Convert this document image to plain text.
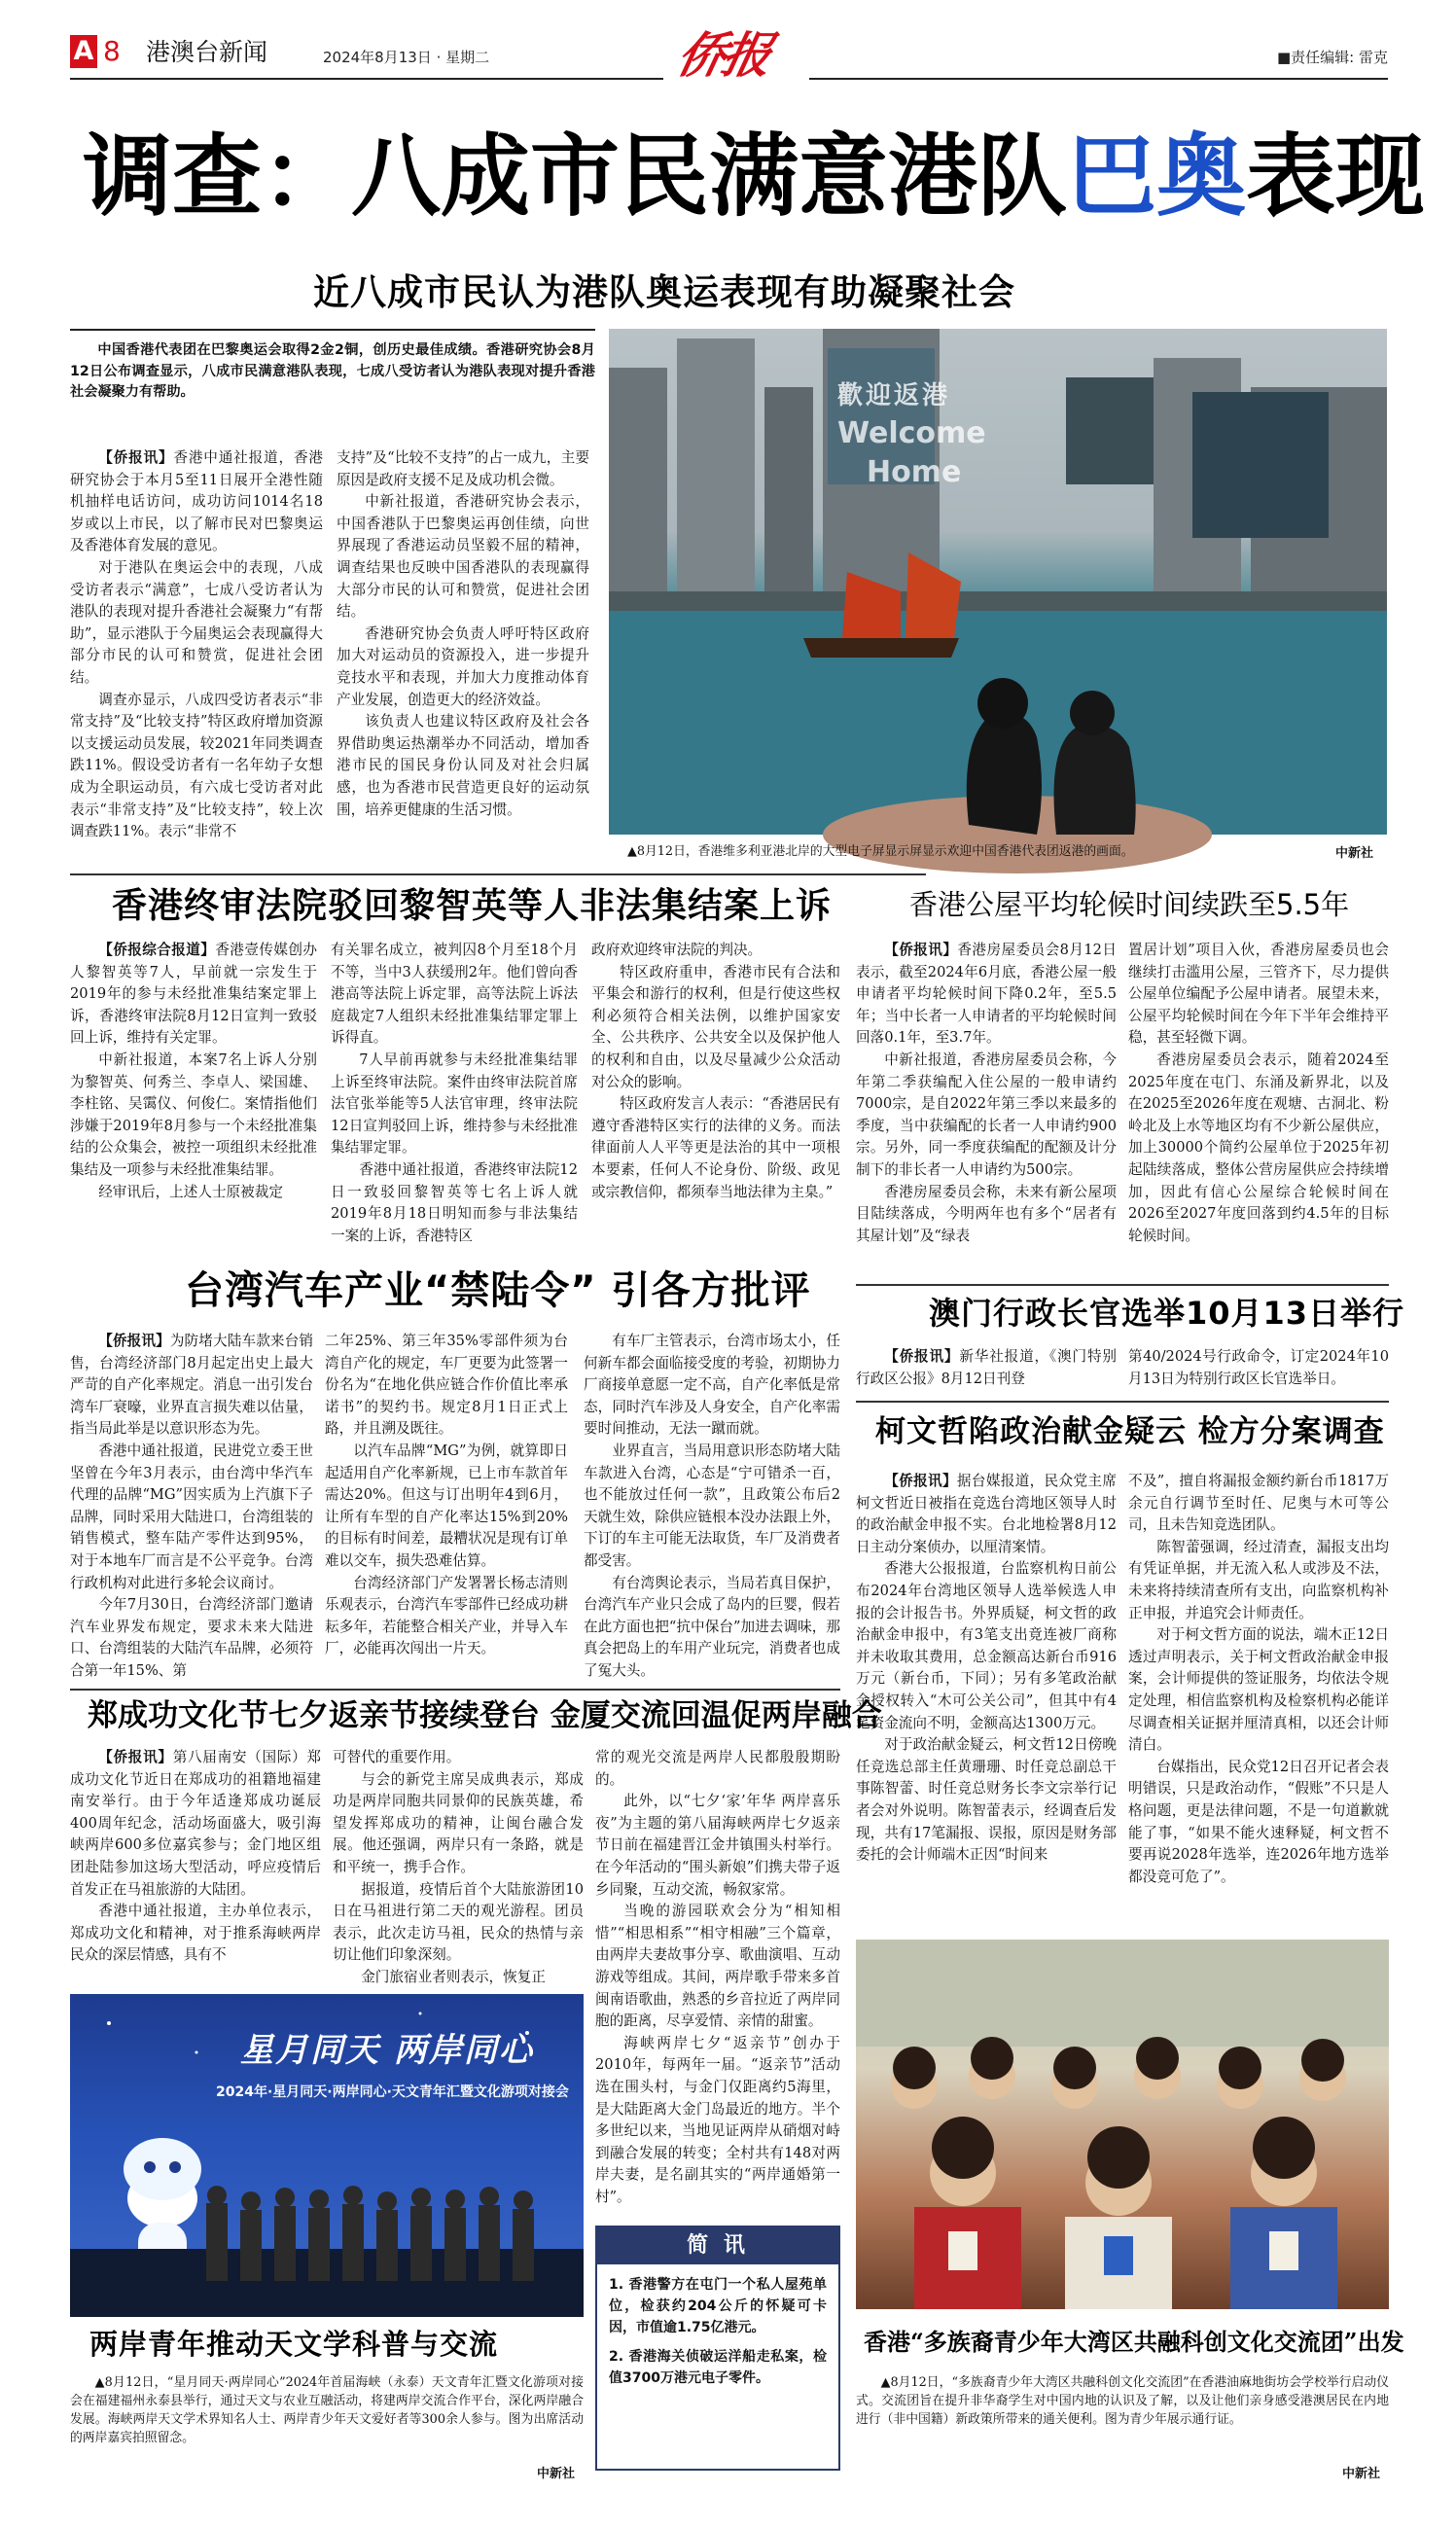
A 8 港澳台新闻	2024年8月13日 · 星期二	侨报	■责任编辑: 雷克
调查：八成市民满意港队巴奥表现
近八成市民认为港队奥运表现有助凝聚社会

中国香港代表团在巴黎奥运会取得2金2铜，创历史最佳成绩。香港研究协会8月12日公布调查显示，八成市民满意港队表现，七成八受访者认为港队表现对提升香港社会凝聚力有帮助。

【侨报讯】香港中通社报道，香港研究协会于本月5至11日展开全港性随机抽样电话访问，成功访问1014名18岁或以上市民，以了解市民对巴黎奥运及香港体育发展的意见。

对于港队在奥运会中的表现，八成受访者表示“满意”，七成八受访者认为港队的表现对提升香港社会凝聚力“有帮助”，显示港队于今届奥运会表现赢得大部分市民的认可和赞赏，促进社会团结。

调查亦显示，八成四受访者表示“非常支持”及“比较支持”特区政府增加资源以支援运动员发展，较2021年同类调查跌11%。假设受访者有一名年幼子女想成为全职运动员，有六成七受访者对此表示“非常支持”及“比较支持”，较上次调查跌11%。表示“非常不

支持”及“比较不支持”的占一成九，主要原因是政府支援不足及成功机会微。

中新社报道，香港研究协会表示，中国香港队于巴黎奥运再创佳绩，向世界展现了香港运动员坚毅不屈的精神，调查结果也反映中国香港队的表现赢得大部分市民的认可和赞赏，促进社会团结。

香港研究协会负责人呼吁特区政府加大对运动员的资源投入，进一步提升竞技水平和表现，并加大力度推动体育产业发展，创造更大的经济效益。

该负责人也建议特区政府及社会各界借助奥运热潮举办不同活动，增加香港市民的国民身份认同及对社会归属感，也为香港市民营造更良好的运动氛围，培养更健康的生活习惯。

歡迎返港
Welcome
Home
▲8月12日，香港维多利亚港北岸的大型电子屏显示屏显示欢迎中国香港代表团返港的画面。	中新社
香港终审法院驳回黎智英等人非法集结案上诉

【侨报综合报道】香港壹传媒创办人黎智英等7人，早前就一宗发生于2019年的参与未经批准集结案定罪上诉，香港终审法院8月12日宣判一致驳回上诉，维持有关定罪。

中新社报道，本案7名上诉人分别为黎智英、何秀兰、李卓人、梁国雄、李柱铭、吴霭仪、何俊仁。案情指他们涉嫌于2019年8月参与一个未经批准集结的公众集会，被控一项组织未经批准集结及一项参与未经批准集结罪。

经审讯后，上述人士原被裁定

有关罪名成立，被判囚8个月至18个月不等，当中3人获缓刑2年。他们曾向香港高等法院上诉定罪，高等法院上诉法庭裁定7人组织未经批准集结罪定罪上诉得直。

7人早前再就参与未经批准集结罪上诉至终审法院。案件由终审法院首席法官张举能等5人法官审理，终审法院12日宣判驳回上诉，维持参与未经批准集结罪定罪。

香港中通社报道，香港终审法院12日一致驳回黎智英等七名上诉人就2019年8月18日明知而参与非法集结一案的上诉，香港特区

政府欢迎终审法院的判决。

特区政府重申，香港市民有合法和平集会和游行的权利，但是行使这些权利必须符合相关法例，以维护国家安全、公共秩序、公共安全以及保护他人的权利和自由，以及尽量减少公众活动对公众的影响。

特区政府发言人表示：“香港居民有遵守香港特区实行的法律的义务。而法律面前人人平等更是法治的其中一项根本要素，任何人不论身份、阶级、政见或宗教信仰，都须奉当地法律为主臬。”

香港公屋平均轮候时间续跌至5.5年

【侨报讯】香港房屋委员会8月12日表示，截至2024年6月底，香港公屋一般申请者平均轮候时间下降0.2年，至5.5年；当中长者一人申请者的平均轮候时间回落0.1年，至3.7年。

中新社报道，香港房屋委员会称，今年第二季获编配入住公屋的一般申请约7000宗，是自2022年第三季以来最多的季度，当中获编配的长者一人申请约900宗。另外，同一季度获编配的配额及计分制下的非长者一人申请约为500宗。

香港房屋委员会称，未来有新公屋项目陆续落成，今明两年也有多个“居者有其屋计划”及“绿表

置居计划”项目入伙，香港房屋委员也会继续打击滥用公屋，三管齐下，尽力提供公屋单位编配予公屋申请者。展望未来，公屋平均轮候时间在今年下半年会维持平稳，甚至轻微下调。

香港房屋委员会表示，随着2024至2025年度在屯门、东涌及新界北，以及在2025至2026年度在观塘、古洞北、粉岭北及上水等地区均有不少新公屋供应，加上30000个简约公屋单位于2025年初起陆续落成，整体公营房屋供应会持续增加，因此有信心公屋综合轮候时间在2026至2027年度回落到约4.5年的目标轮候时间。

台湾汽车产业“禁陆令” 引各方批评

【侨报讯】为防堵大陆车款来台销售，台湾经济部门8月起定出史上最大严苛的自产化率规定。消息一出引发台湾车厂衰嚎，业界直言损失难以估量，指当局此举是以意识形态为先。

香港中通社报道，民进党立委王世坚曾在今年3月表示，由台湾中华汽车代理的品牌“MG”因实质为上汽旗下子品牌，同时采用大陆进口，台湾组装的销售模式，整车陆产零件达到95%，对于本地车厂而言是不公平竞争。台湾行政机构对此进行多轮会议商讨。

今年7月30日，台湾经济部门邀请汽车业界发布规定，要求未来大陆进口、台湾组装的大陆汽车品牌，必须符合第一年15%、第

二年25%、第三年35%零部件须为台湾自产化的规定，车厂更要为此签署一份名为“在地化供应链合作价值比率承诺书”的契约书。规定8月1日正式上路，并且溯及既往。

以汽车品牌“MG”为例，就算即日起适用自产化率新规，已上市车款首年需达20%。但这与订出明年4到6月，让所有车型的自产化率达15%到20%的目标有时间差，最糟状况是现有订单难以交车，损失恐难估算。

台湾经济部门产发署署长杨志清则乐观表示，台湾汽车零部件已经成功耕耘多年，若能整合相关产业，并导入车厂，必能再次闯出一片天。

有车厂主管表示，台湾市场太小，任何新车都会面临接受度的考验，初期协力厂商接单意愿一定不高，自产化率低是常态，同时汽车涉及人身安全，自产化率需要时间推动，无法一蹴而就。

业界直言，当局用意识形态防堵大陆车款进入台湾，心态是“宁可错杀一百，也不能放过任何一款”，且政策公布后2天就生效，除供应链根本没办法跟上外，下订的车主可能无法取货，车厂及消费者都受害。

有台湾舆论表示，当局若真目保护，台湾汽车产业只会成了岛内的巨婴，假若在此方面也把“抗中保台”加进去调味，那真会把岛上的车用产业玩完，消费者也成了冤大头。

澳门行政长官选举10月13日举行

【侨报讯】新华社报道，《澳门特别行政区公报》8月12日刊登

第40/2024号行政命令，订定2024年10月13日为特别行政区长官选举日。

柯文哲陷政治献金疑云 检方分案调查

【侨报讯】据台媒报道，民众党主席柯文哲近日被指在竞选台湾地区领导人时的政治献金申报不实。台北地检署8月12日主动分案侦办，以厘清案情。

香港大公报报道，台监察机构日前公布2024年台湾地区领导人选举候选人申报的会计报告书。外界质疑，柯文哲的政治献金申报中，有3笔支出竟连被厂商称并未收取其费用，总金额高达新台币916万元（新台币，下同）；另有多笔政治献金授权转入“木可公关公司”，但其中有4笔资金流向不明，金额高达1300万元。

对于政治献金疑云，柯文哲12日傍晚任竞选总部主任黄珊珊、时任竞总副总干事陈智蕾、时任竞总财务长李文宗举行记者会对外说明。陈智蕾表示，经调查后发现，共有17笔漏报、误报，原因是财务部委托的会计师端木正因“时间来

不及”，擅自将漏报金额约新台币1817万余元自行调节至时任、尼奥与木可等公司，且未告知竞选团队。

陈智蕾强调，经过清查，漏报支出均有凭证单据，并无流入私人或涉及不法，未来将持续清查所有支出，向监察机构补正申报，并追究会计师责任。

对于柯文哲方面的说法，端木正12日透过声明表示，关于柯文哲政治献金申报案，会计师提供的签证服务，均依法令规定处理，相信监察机构及检察机构必能详尽调查相关证据并厘清真相，以还会计师清白。

台媒指出，民众党12日召开记者会表明错误，只是政治动作，“假账”不只是人格问题，更是法律问题，不是一句道歉就能了事，“如果不能火速释疑，柯文哲不要再说2028年选举，连2026年地方选举都没竞可危了”。

郑成功文化节七夕返亲节接续登台 金厦交流回温促两岸融合

【侨报讯】第八届南安（国际）郑成功文化节近日在郑成功的祖籍地福建南安举行。由于今年适逢郑成功诞辰400周年纪念，活动场面盛大，吸引海峡两岸600多位嘉宾参与；金门地区组团赴陆参加这场大型活动，呼应疫情后首发正在马祖旅游的大陆团。

香港中通社报道，主办单位表示，郑成功文化和精神，对于推系海峡两岸民众的深层情感，具有不

可替代的重要作用。

与会的新党主席吴成典表示，郑成功是两岸同胞共同景仰的民族英雄，希望发挥郑成功的精神，让闽台融合发展。他还强调，两岸只有一条路，就是和平统一，携手合作。

据报道，疫情后首个大陆旅游团10日在马祖进行第二天的观光游程。团员表示，此次走访马祖，民众的热情与亲切让他们印象深刻。

金门旅宿业者则表示，恢复正

常的观光交流是两岸人民都殷殷期盼的。

此外，以“七夕‘家’年华 两岸喜乐夜”为主题的第八届海峡两岸七夕返亲节日前在福建晋江金井镇围头村举行。在今年活动的“围头新娘”们携夫带子返乡同聚，互动交流，畅叙家常。

当晚的游园联欢会分为“相知相惜”“相思相系”“相守相融”三个篇章，由两岸夫妻故事分享、歌曲演唱、互动游戏等组成。其间，两岸歌手带来多首闽南语歌曲，熟悉的乡音拉近了两岸同胞的距离，尽享爱情、亲情的甜蜜。

海峡两岸七夕“返亲节”创办于2010年，每两年一届。“返亲节”活动选在围头村，与金门仅距离约5海里，是大陆距离大金门岛最近的地方。半个多世纪以来，当地见证两岸从硝烟对峙到融合发展的转变；全村共有148对两岸夫妻，是名副其实的“两岸通婚第一村”。

星月同天 两岸同心
2024年·星月同天·两岸同心·天文青年汇暨文化游项对接会
两岸青年推动天文学科普与交流
▲8月12日，“星月同天·两岸同心”2024年首届海峡（永泰）天文青年汇暨文化游项对接会在福建福州永泰县举行，通过天文与农业互融活动，将建两岸交流合作平台，深化两岸融合发展。海峡两岸天文学术界知名人士、两岸青少年天文爱好者等300余人参与。图为出席活动的两岸嘉宾拍照留念。
中新社
简 讯

1. 香港警方在屯门一个私人屋苑单位，检获约204公斤的怀疑可卡因，市值逾1.75亿港元。

2. 香港海关侦破运洋船走私案，检值3700万港元电子零件。

香港“多族裔青少年大湾区共融科创文化交流团”出发
▲8月12日，“多族裔青少年大湾区共融科创文化交流团”在香港油麻地街坊会学校举行启动仪式。交流团旨在提升非华裔学生对中国内地的认识及了解，以及让他们亲身感受港澳居民在内地进行（非中国籍）新政策所带来的通关便利。图为青少年展示通行证。
中新社
